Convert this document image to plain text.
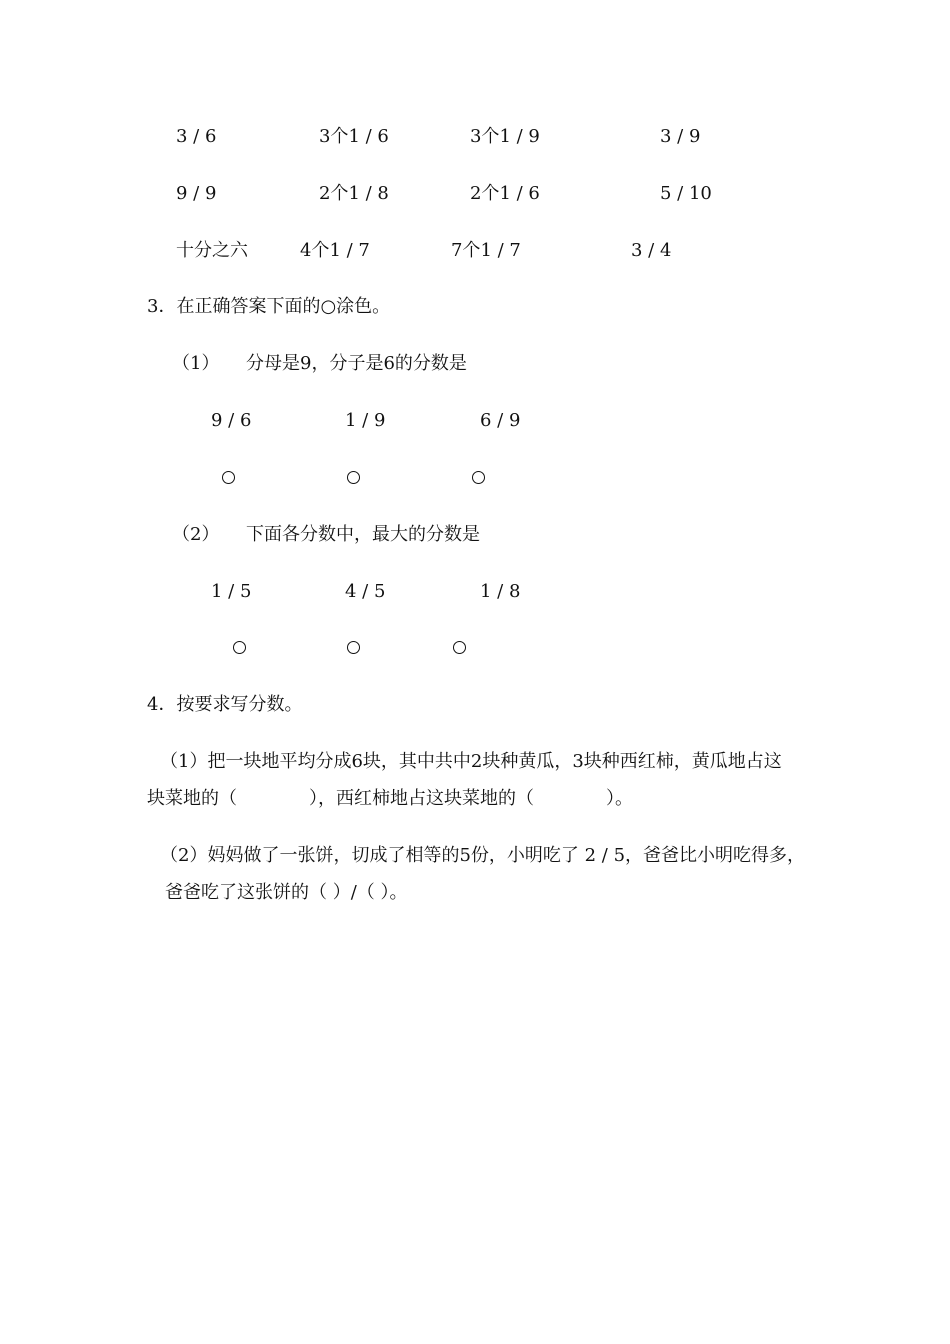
3 / 6	3个1 / 6	3个1 / 9	3 / 9
9 / 9	2个1 / 8	2个1 / 6	5 / 10
十分之六	4个1 / 7	7个1 / 7	3 / 4
3．在正确答案下面的○涂色。
（1） 分母是9，分子是6的分数是
9 / 6	1 / 9	6 / 9
（2） 下面各分数中，最大的分数是
1 / 5	4 / 5	1 / 8
4．按要求写分数。
（1）把一块地平均分成6块，其中共中2块种黄瓜，3块种西红柿，黄瓜地占这
块菜地的（　　　　），西红柿地占这块菜地的（　　　　）。
（2）妈妈做了一张饼，切成了相等的5份，小明吃了 2 / 5，爸爸比小明吃得多，
爸爸吃了这张饼的（ ）/（ ）。
